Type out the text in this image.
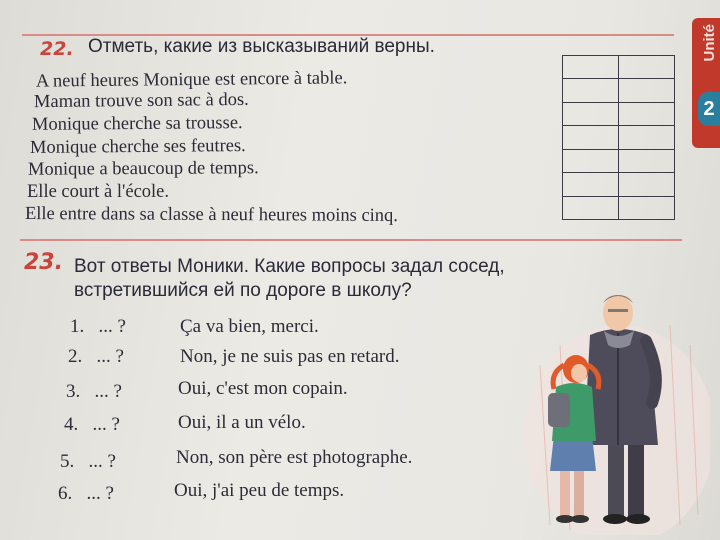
22. Отметь, какие из высказываний верны.
A neuf heures Monique est encore à table.
Maman trouve son sac à dos.
Monique cherche sa trousse.
Monique cherche ses feutres.
Monique a beaucoup de temps.
Elle court à l'école.
Elle entre dans sa classe à neuf heures moins cinq.
23. Вот ответы Моники. Какие вопросы задал сосед,
встретившийся ей по дороге в школу?
1. ... ?	Ça va bien, merci.
2. ... ?	Non, je ne suis pas en retard.
3. ... ?	Oui, c'est mon copain.
4. ... ?	Oui, il a un vélo.
5. ... ?	Non, son père est photographe.
6. ... ?	Oui, j'ai peu de temps.
Unité
2
